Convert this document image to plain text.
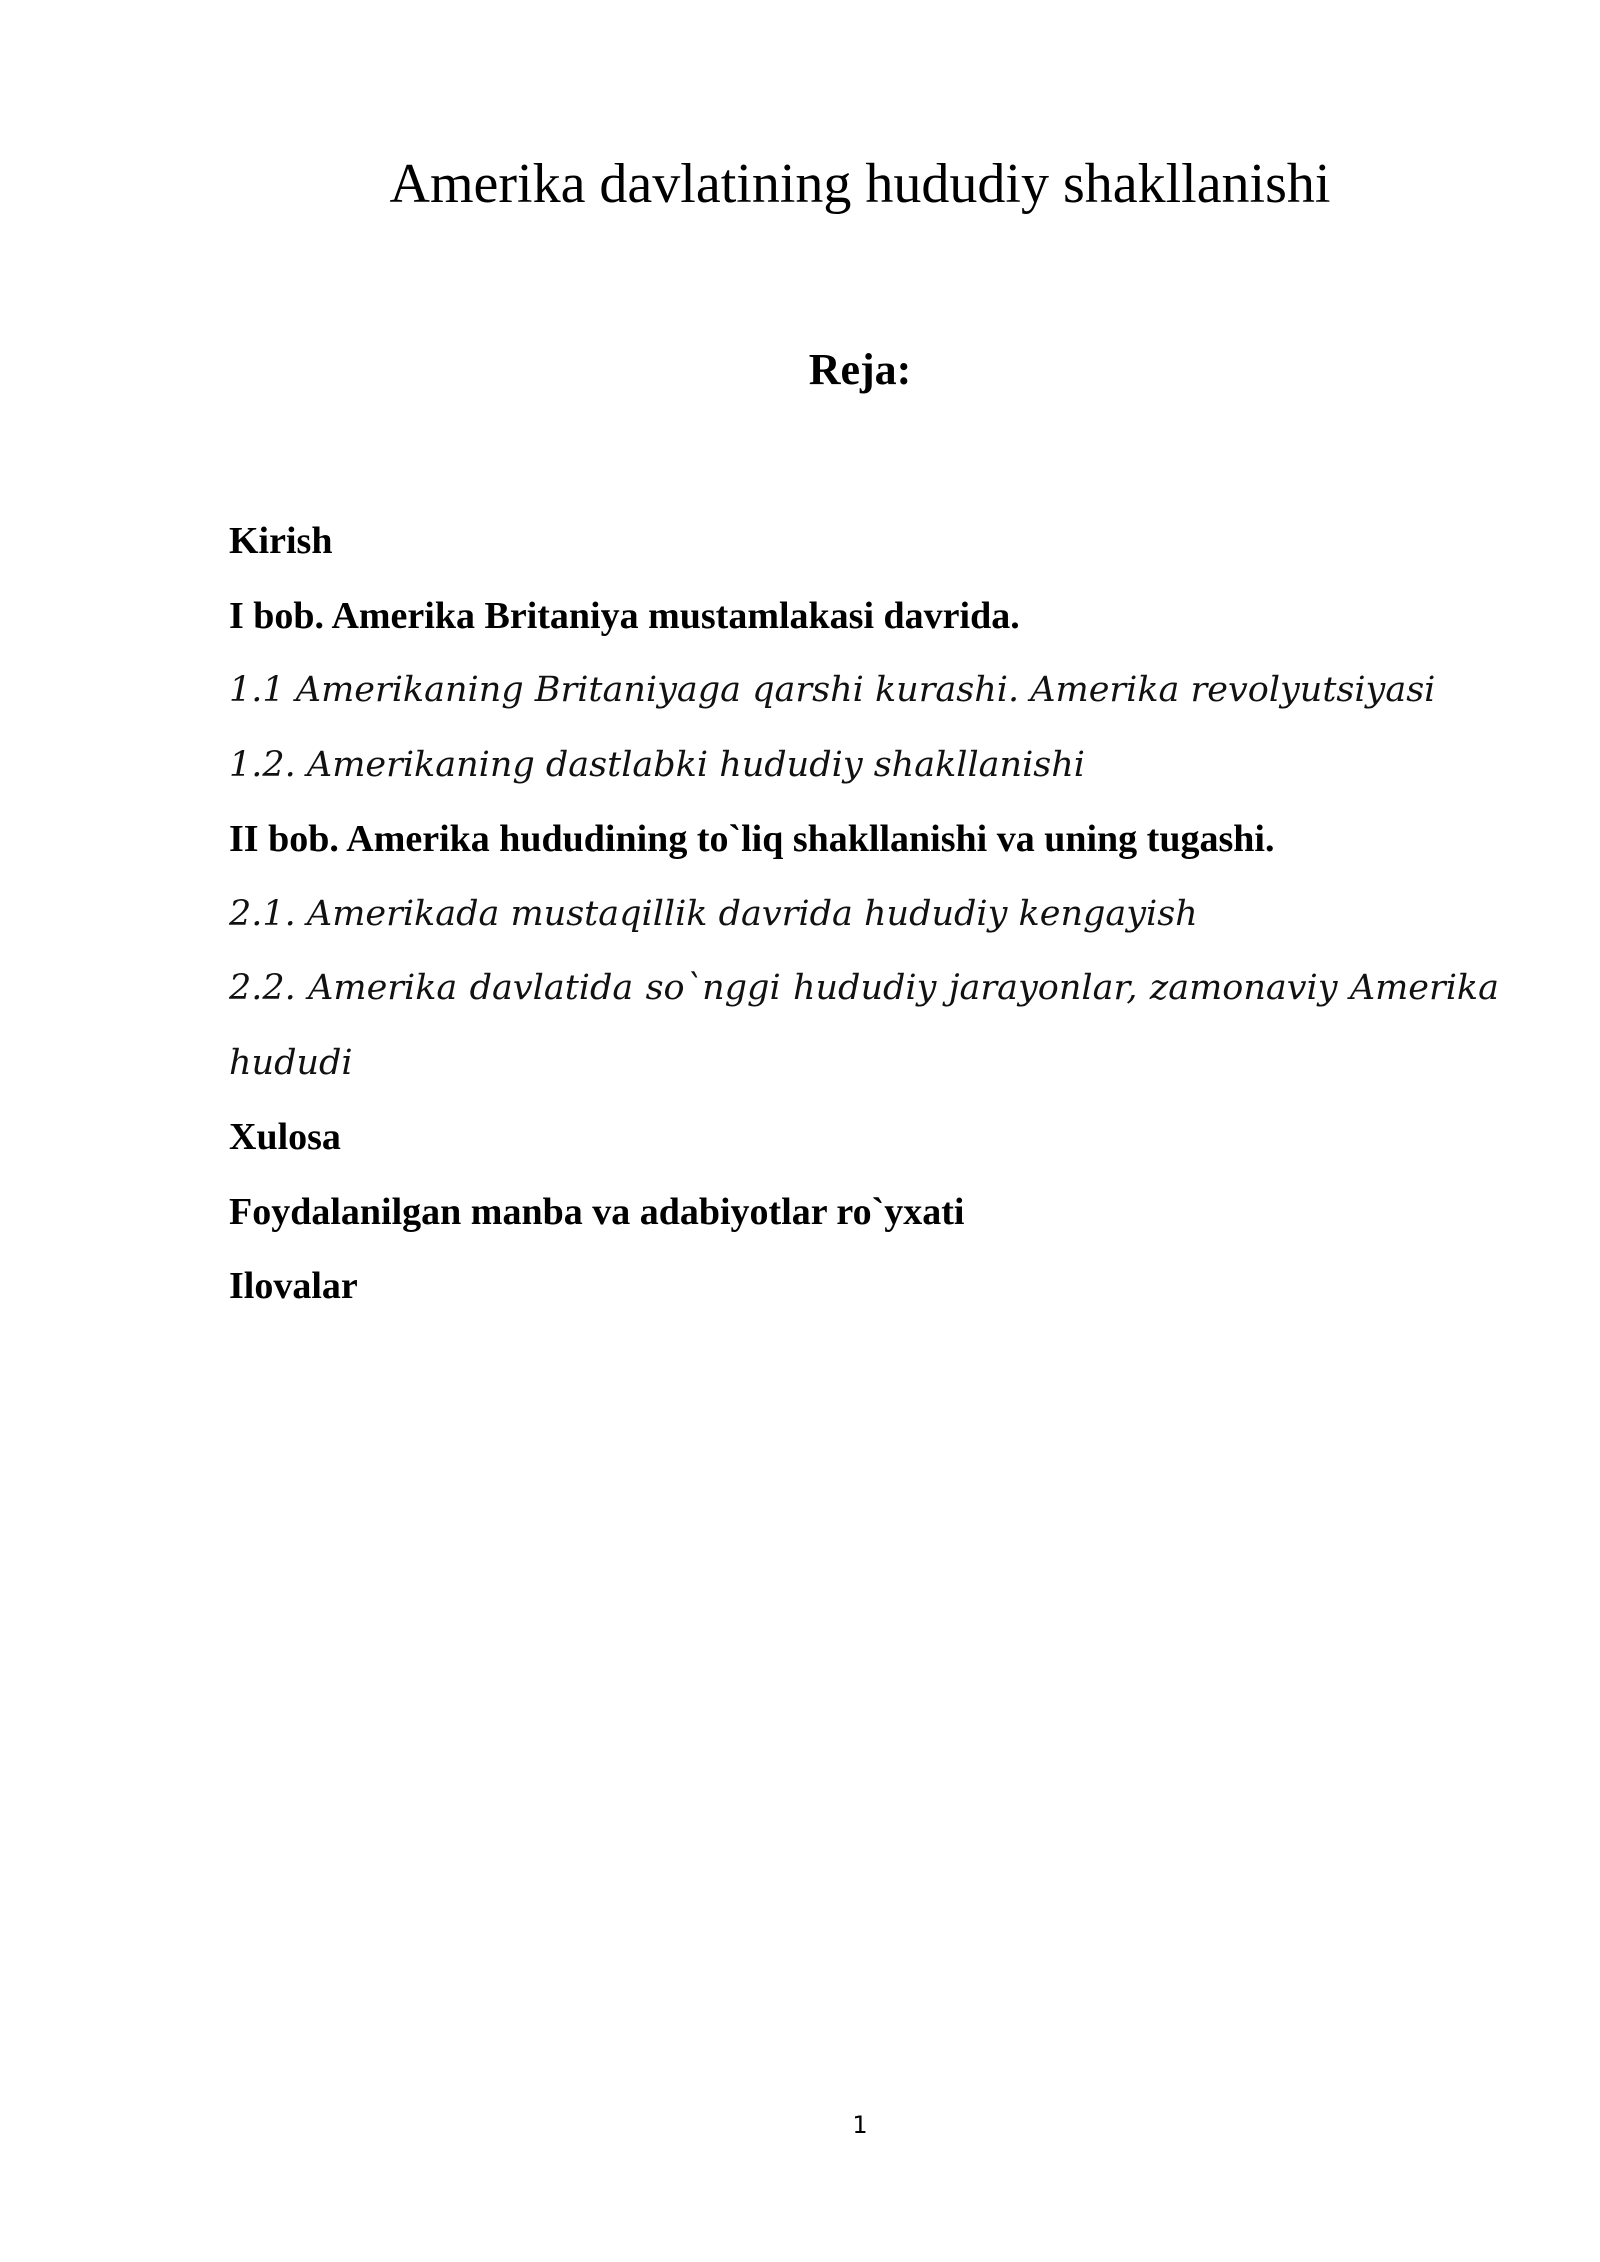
Amerika davlatining hududiy shakllanishi
Reja:
Kirish
I bob. Amerika Britaniya mustamlakasi davrida.
1.1 Amerikaning Britaniyaga qarshi kurashi. Amerika revolyutsiyasi
1.2. Amerikaning dastlabki hududiy shakllanishi
II bob. Amerika hududining to`liq shakllanishi va uning tugashi.
2.1. Amerikada mustaqillik davrida hududiy kengayish
2.2. Amerika davlatida so`nggi hududiy jarayonlar, zamonaviy Amerika hududi
Xulosa
Foydalanilgan manba va adabiyotlar ro`yxati
Ilovalar
1
